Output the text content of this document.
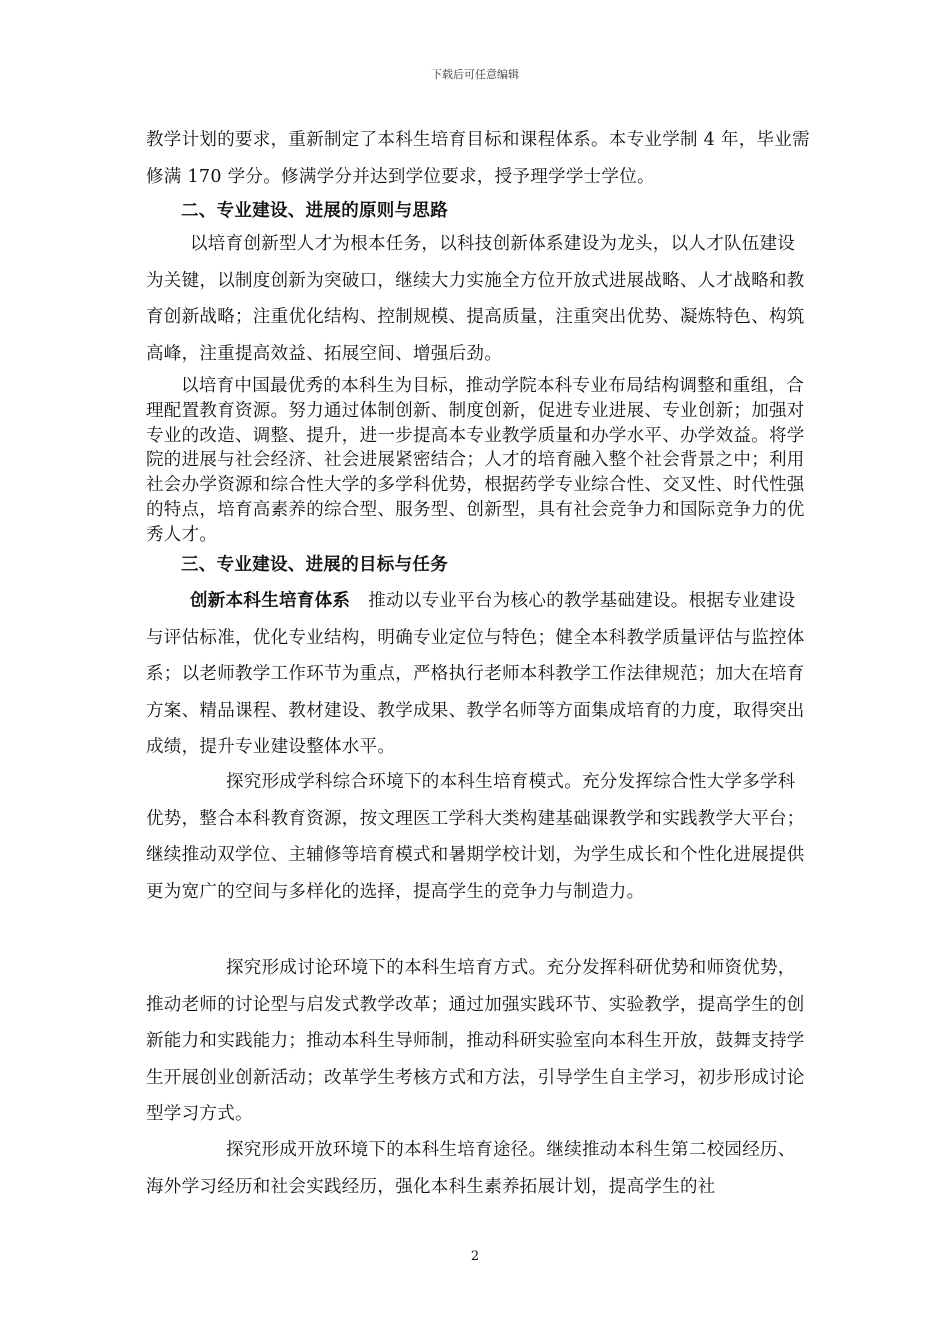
下载后可任意编辑

教学计划的要求，重新制定了本科生培育目标和课程体系。本专业学制 4 年，毕业需修满 170 学分。修满学分并达到学位要求，授予理学学士学位。

二、专业建设、进展的原则与思路

以培育创新型人才为根本任务，以科技创新体系建设为龙头，以人才队伍建设为关键，以制度创新为突破口，继续大力实施全方位开放式进展战略、人才战略和教育创新战略；注重优化结构、控制规模、提高质量，注重突出优势、凝炼特色、构筑高峰，注重提高效益、拓展空间、增强后劲。

以培育中国最优秀的本科生为目标，推动学院本科专业布局结构调整和重组，合理配置教育资源。努力通过体制创新、制度创新，促进专业进展、专业创新；加强对专业的改造、调整、提升，进一步提高本专业教学质量和办学水平、办学效益。将学院的进展与社会经济、社会进展紧密结合；人才的培育融入整个社会背景之中；利用社会办学资源和综合性大学的多学科优势，根据药学专业综合性、交叉性、时代性强的特点，培育高素养的综合型、服务型、创新型，具有社会竞争力和国际竞争力的优秀人才。

三、专业建设、进展的目标与任务

创新本科生培育体系 推动以专业平台为核心的教学基础建设。根据专业建设与评估标准，优化专业结构，明确专业定位与特色；健全本科教学质量评估与监控体系；以老师教学工作环节为重点，严格执行老师本科教学工作法律规范；加大在培育方案、精品课程、教材建设、教学成果、教学名师等方面集成培育的力度，取得突出成绩，提升专业建设整体水平。

探究形成学科综合环境下的本科生培育模式。充分发挥综合性大学多学科优势，整合本科教育资源，按文理医工学科大类构建基础课教学和实践教学大平台；继续推动双学位、主辅修等培育模式和暑期学校计划，为学生成长和个性化进展提供更为宽广的空间与多样化的选择，提高学生的竞争力与制造力。

探究形成讨论环境下的本科生培育方式。充分发挥科研优势和师资优势，推动老师的讨论型与启发式教学改革；通过加强实践环节、实验教学，提高学生的创新能力和实践能力；推动本科生导师制，推动科研实验室向本科生开放，鼓舞支持学生开展创业创新活动；改革学生考核方式和方法，引导学生自主学习，初步形成讨论型学习方式。

探究形成开放环境下的本科生培育途径。继续推动本科生第二校园经历、海外学习经历和社会实践经历，强化本科生素养拓展计划，提高学生的社

2
